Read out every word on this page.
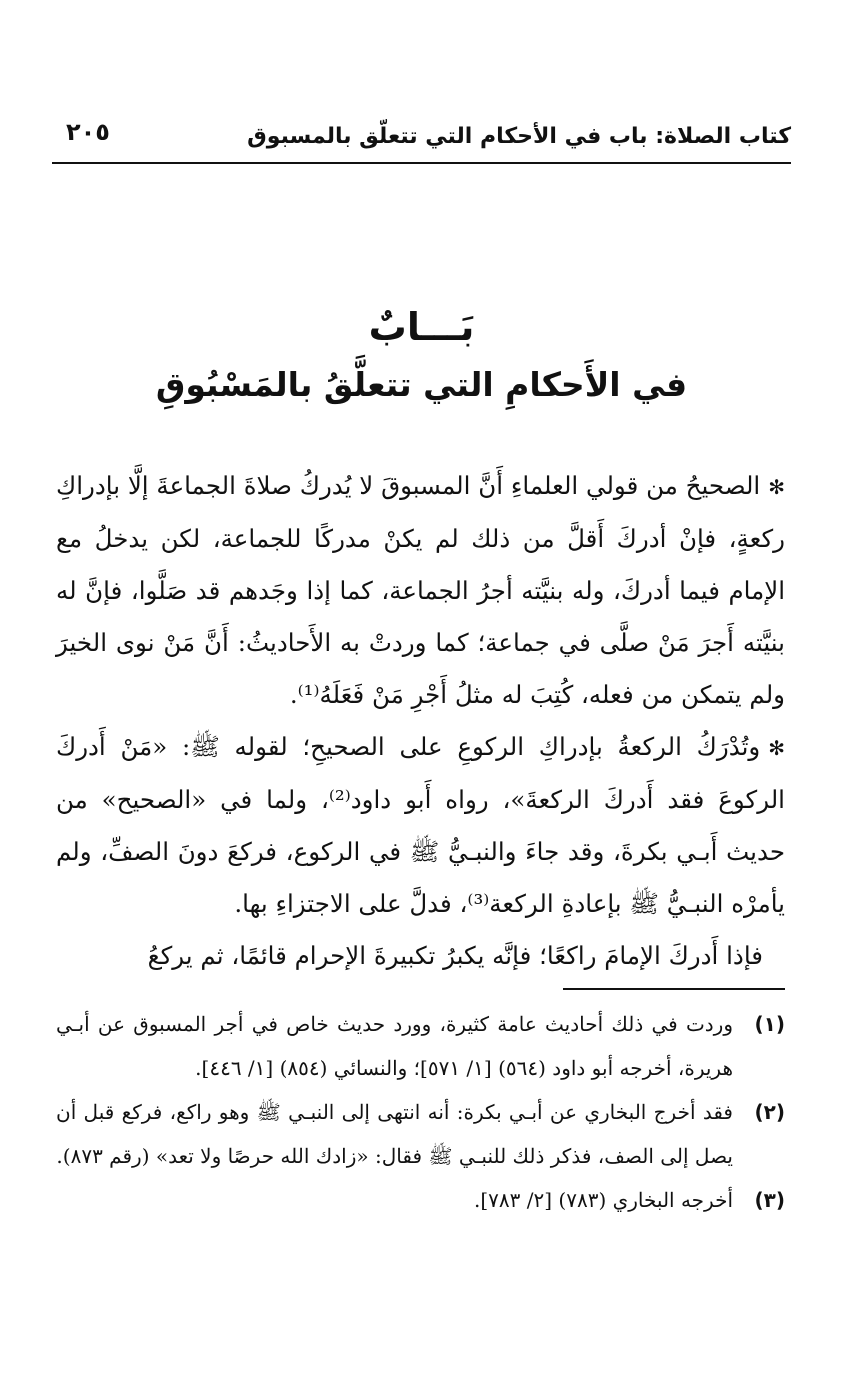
كتاب الصلاة: باب في الأحكام التي تتعلّق بالمسبوق
٢٠٥
بَـــابٌ
في الأَحكامِ التي تتعلَّقُ بالمَسْبُوقِ

✻الصحيحُ من قولي العلماءِ أَنَّ المسبوقَ لا يُدركُ صلاةَ الجماعةَ إلَّا بإدراكِ ركعةٍ، فإنْ أدركَ أَقلَّ من ذلك لم يكنْ مدركًا للجماعة، لكن يدخلُ مع الإمام فيما أدركَ، وله بنيَّته أجرُ الجماعة، كما إذا وجَدهم قد صَلَّوا، فإنَّ له بنيَّته أَجرَ مَنْ صلَّى في جماعة؛ كما وردتْ به الأَحاديثُ: أَنَّ مَنْ نوى الخيرَ ولم يتمكن من فعله، كُتِبَ له مثلُ أَجْرِ مَنْ فَعَلَهُ⁽¹⁾.

✻وتُدْرَكُ الركعةُ بإدراكِ الركوعِ على الصحيحِ؛ لقوله ﷺ: «مَنْ أَدركَ الركوعَ فقد أَدركَ الركعةَ»، رواه أَبو داود⁽²⁾، ولما في «الصحيح» من حديث أَبـي بكرةَ، وقد جاءَ والنبـيُّ ﷺ في الركوع، فركعَ دونَ الصفِّ، ولم يأمرْه النبـيُّ ﷺ بإعادةِ الركعة⁽³⁾، فدلَّ على الاجتزاءِ بها.

فإذا أَدركَ الإمامَ راكعًا؛ فإنَّه يكبرُ تكبيرةَ الإحرام قائمًا، ثم يركعُ

(١)
وردت في ذلك أحاديث عامة كثيرة، وورد حديث خاص في أجر المسبوق عن أبـي هريرة، أخرجه أبو داود (٥٦٤) [١/ ٥٧١]؛ والنسائي (٨٥٤) [١/ ٤٤٦].
(٢)
فقد أخرج البخاري عن أبـي بكرة: أنه انتهى إلى النبـي ﷺ وهو راكع، فركع قبل أن يصل إلى الصف، فذكر ذلك للنبـي ﷺ فقال: «زادك الله حرصًا ولا تعد» (رقم ٨٧٣).
(٣)
أخرجه البخاري (٧٨٣) [٢/ ٧٨٣].
